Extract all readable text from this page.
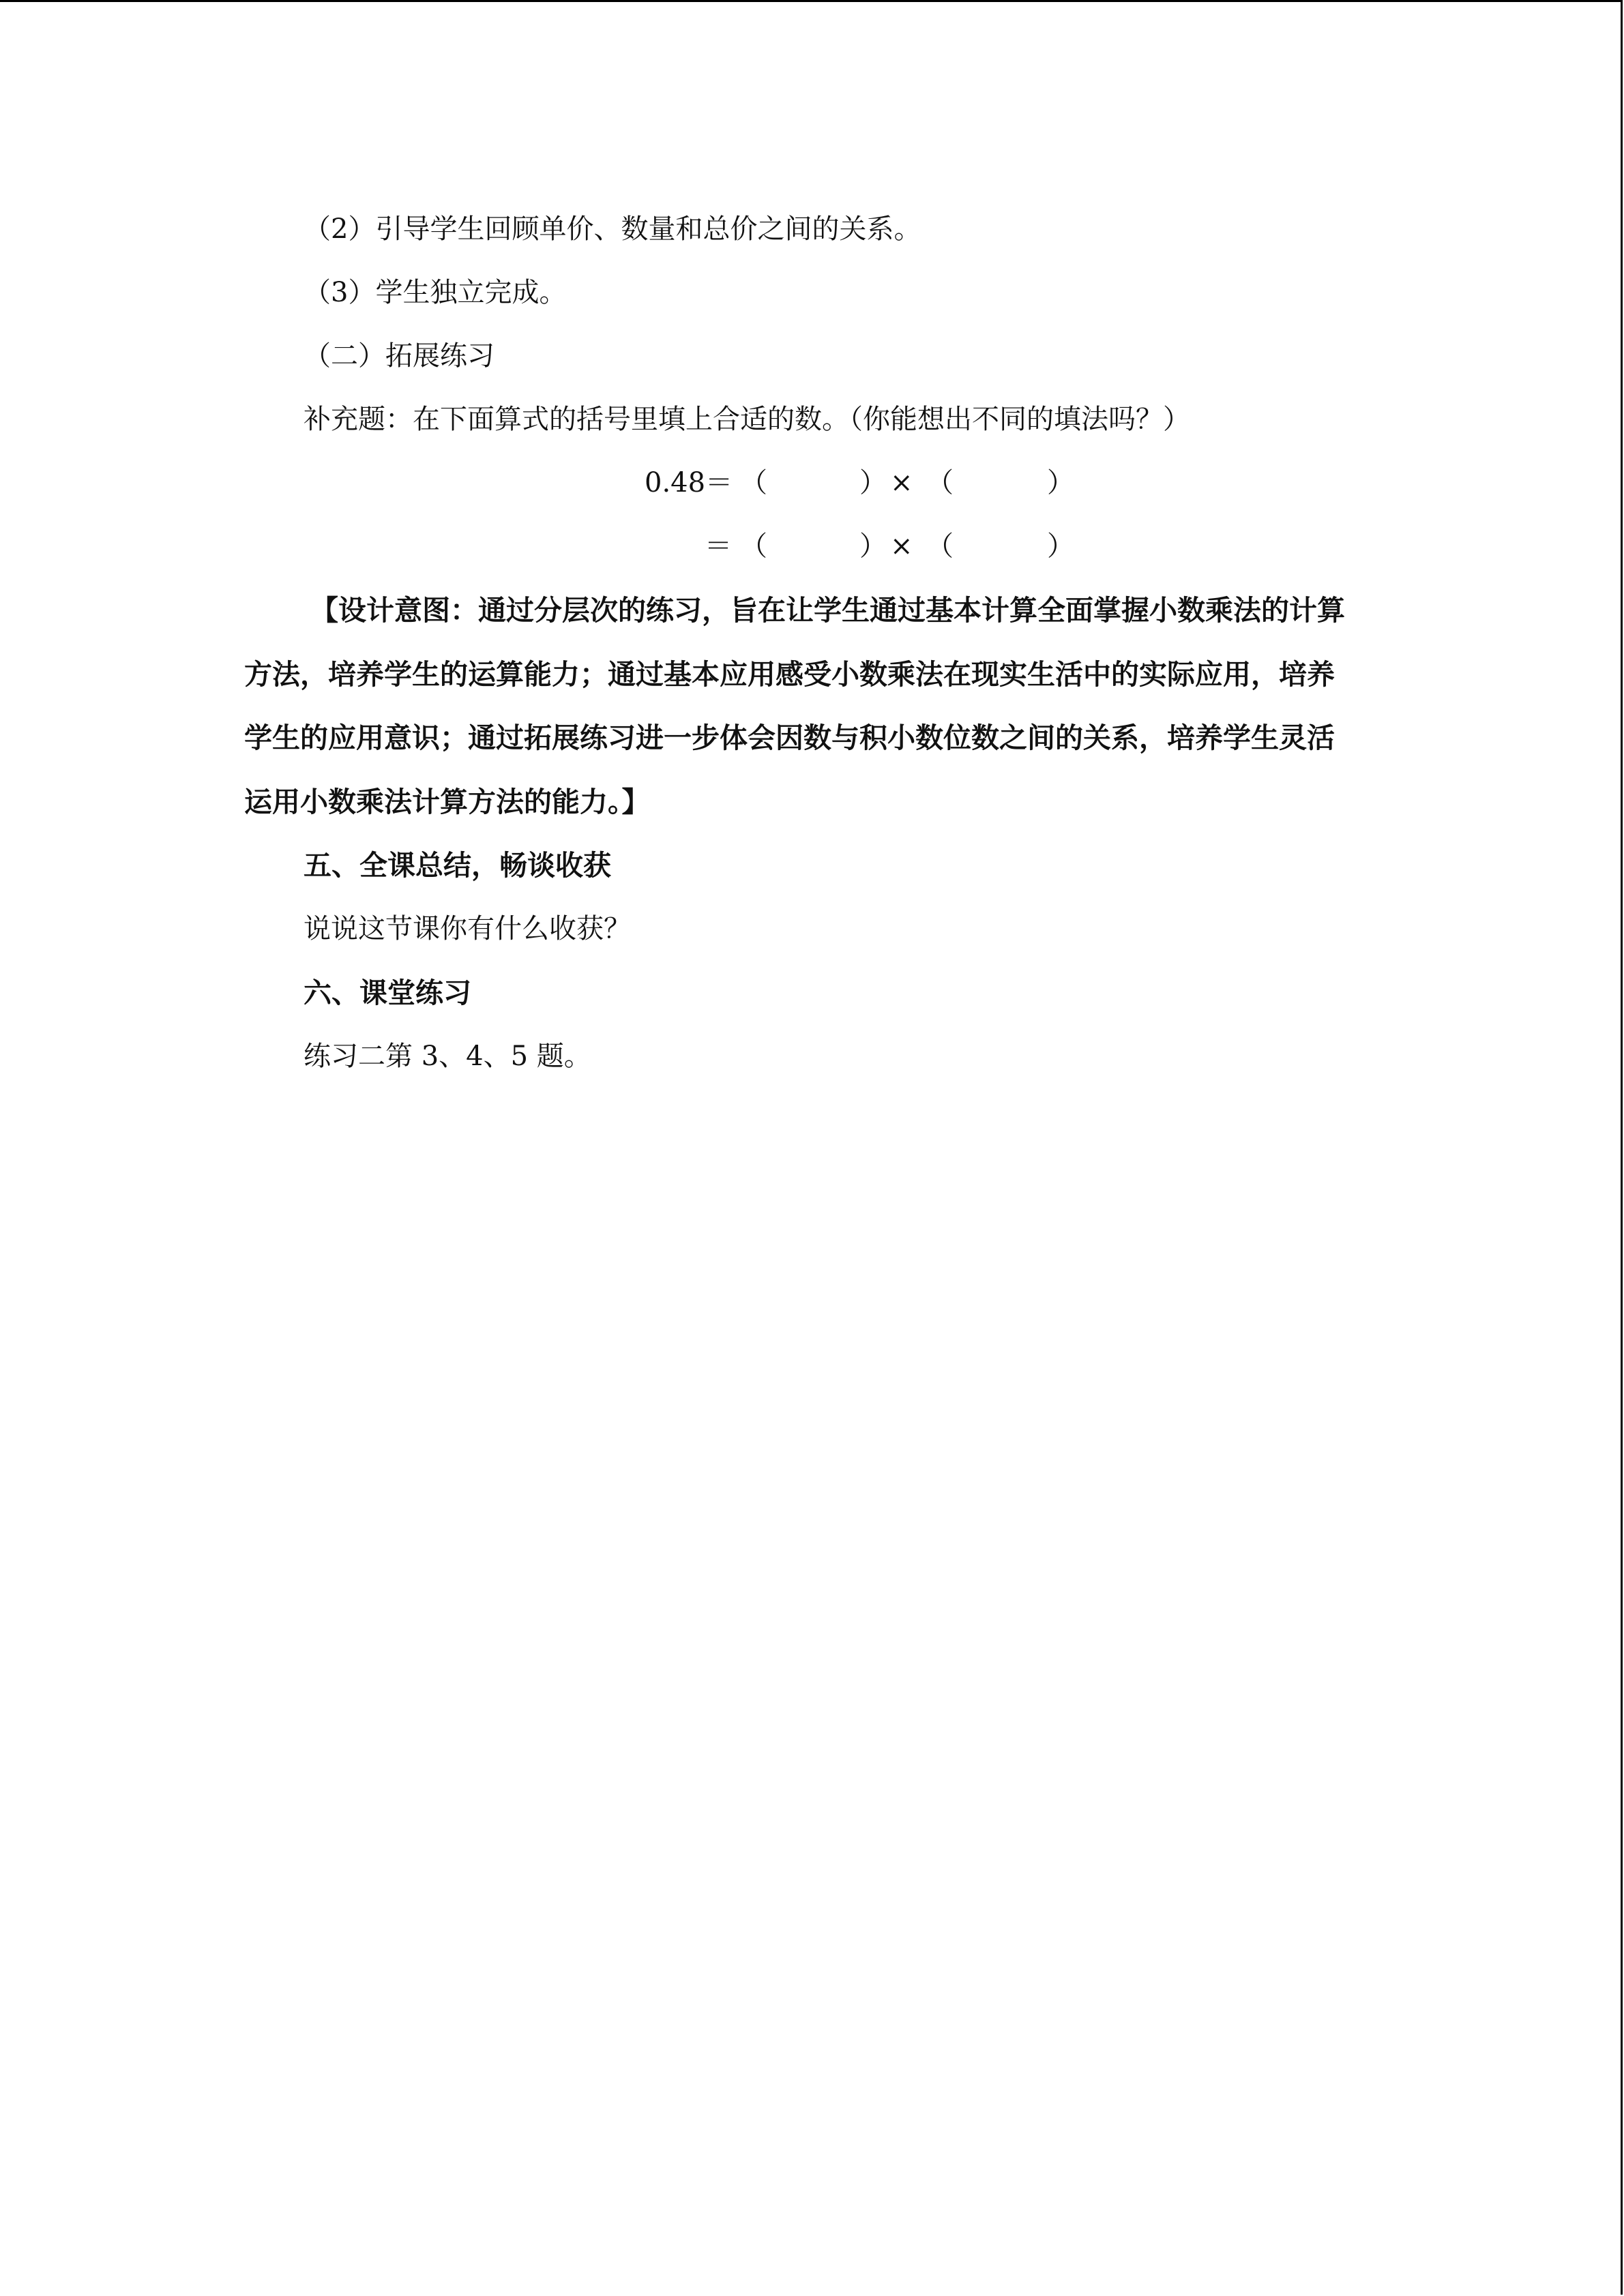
（2）引导学生回顾单价、数量和总价之间的关系。
（3）学生独立完成。
（二）拓展练习
补充题：在下面算式的括号里填上合适的数。（你能想出不同的填法吗？）
0.48＝ （	） × （	）
＝ （	） × （	）
【设计意图：通过分层次的练习，旨在让学生通过基本计算全面掌握小数乘法的计算
方法，培养学生的运算能力；通过基本应用感受小数乘法在现实生活中的实际应用，培养
学生的应用意识；通过拓展练习进一步体会因数与积小数位数之间的关系，培养学生灵活
运用小数乘法计算方法的能力。】
五、全课总结，畅谈收获
说说这节课你有什么收获？
六、课堂练习
练习二第 3、4、5 题。
